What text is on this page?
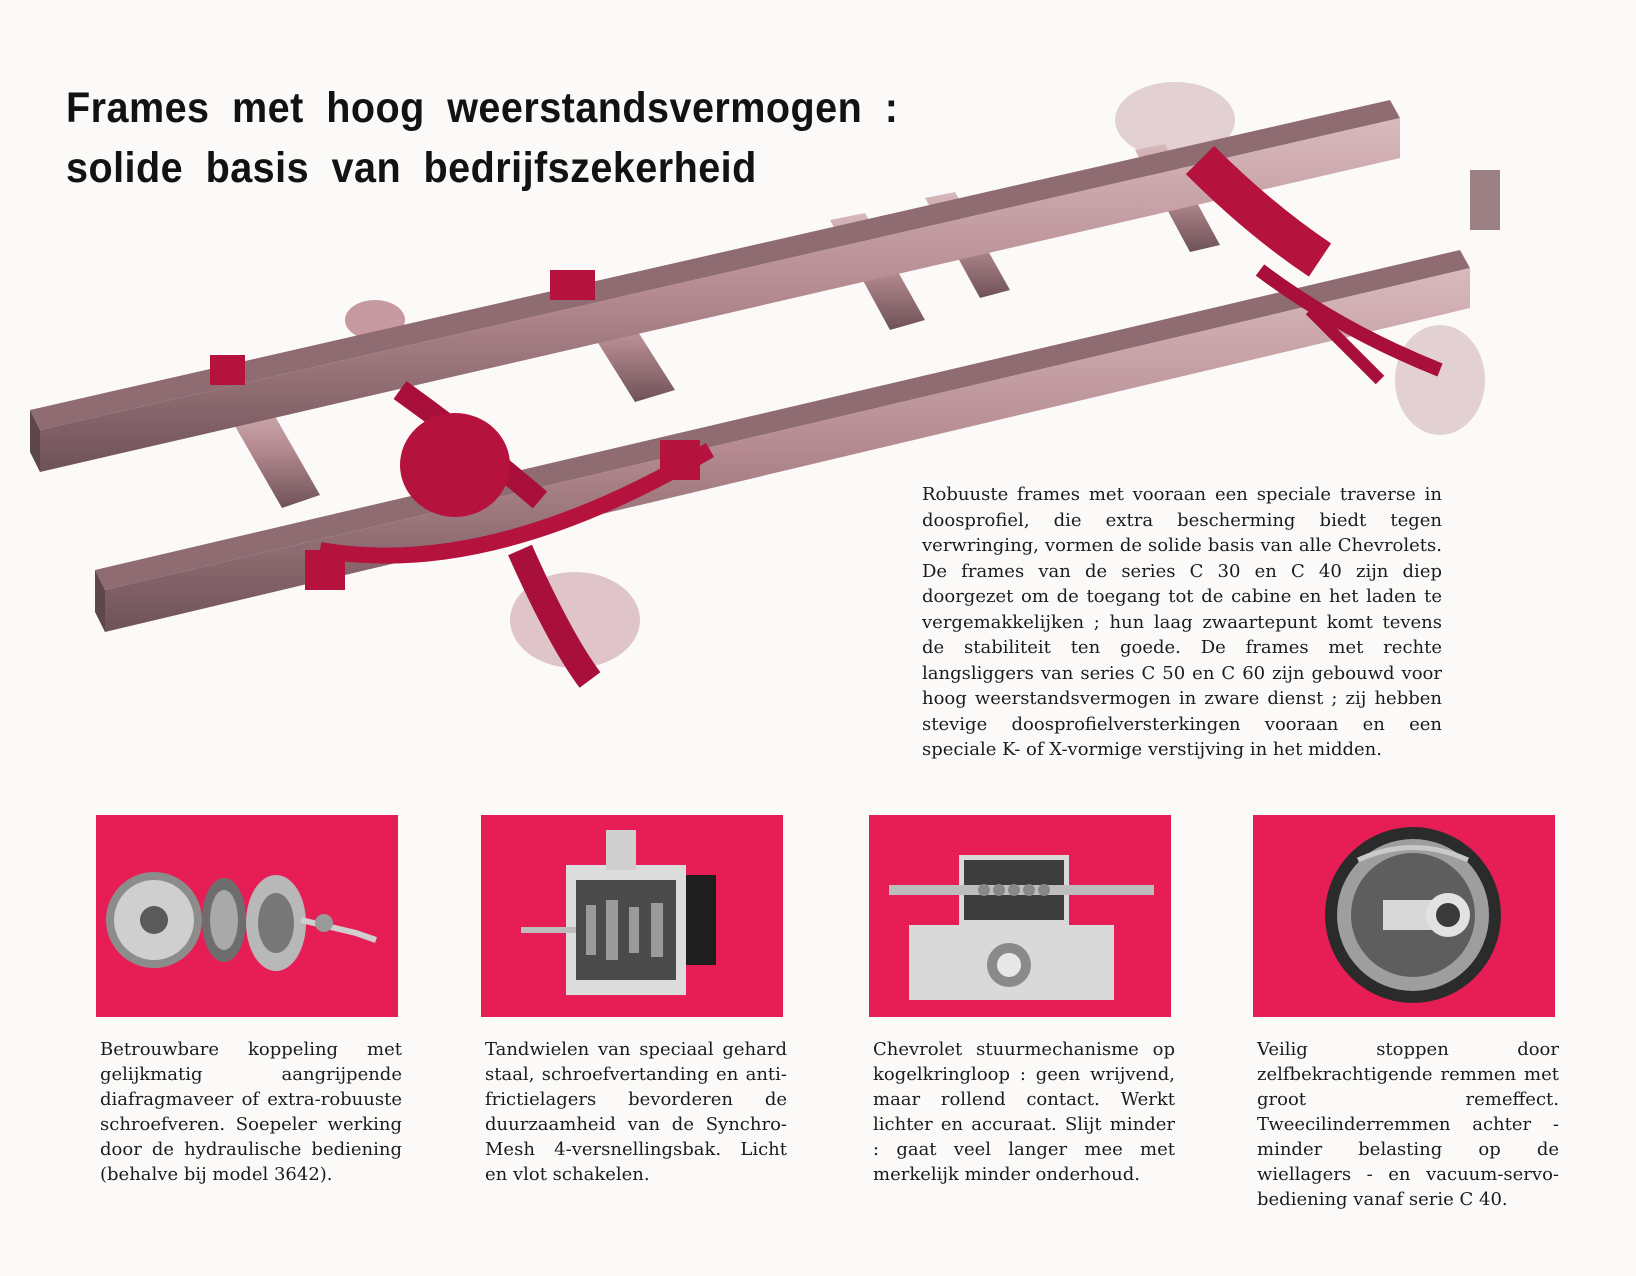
Frames met hoog weerstandsvermogen :
solide basis van bedrijfszekerheid

Robuuste frames met vooraan een speciale traverse in doosprofiel, die extra bescherming biedt tegen verwringing, vormen de solide basis van alle Chevrolets. De frames van de series C 30 en C 40 zijn diep doorgezet om de toegang tot de cabine en het laden te vergemakkelijken ; hun laag zwaartepunt komt tevens de stabiliteit ten goede. De frames met rechte langsliggers van series C 50 en C 60 zijn gebouwd voor hoog weerstandsvermogen in zware dienst ; zij hebben stevige doosprofielversterkingen vooraan en een speciale K- of X-vormige verstijving in het midden.

Betrouwbare koppeling met gelijkmatig aangrijpende diafragmaveer of extra-robuuste schroefveren. Soepeler werking door de hydraulische bediening (behalve bij model 3642).

Tandwielen van speciaal gehard staal, schroefvertanding en anti-frictielagers bevorderen de duurzaamheid van de Synchro-Mesh 4-versnellingsbak. Licht en vlot schakelen.

Chevrolet stuurmechanisme op kogelkringloop : geen wrijvend, maar rollend contact. Werkt lichter en accuraat. Slijt minder : gaat veel langer mee met merkelijk minder onderhoud.

Veilig stoppen door zelfbekrachtigende remmen met groot remeffect. Tweecilinderremmen achter - minder belasting op de wiellagers - en vacuum-servo-bediening vanaf serie C 40.
